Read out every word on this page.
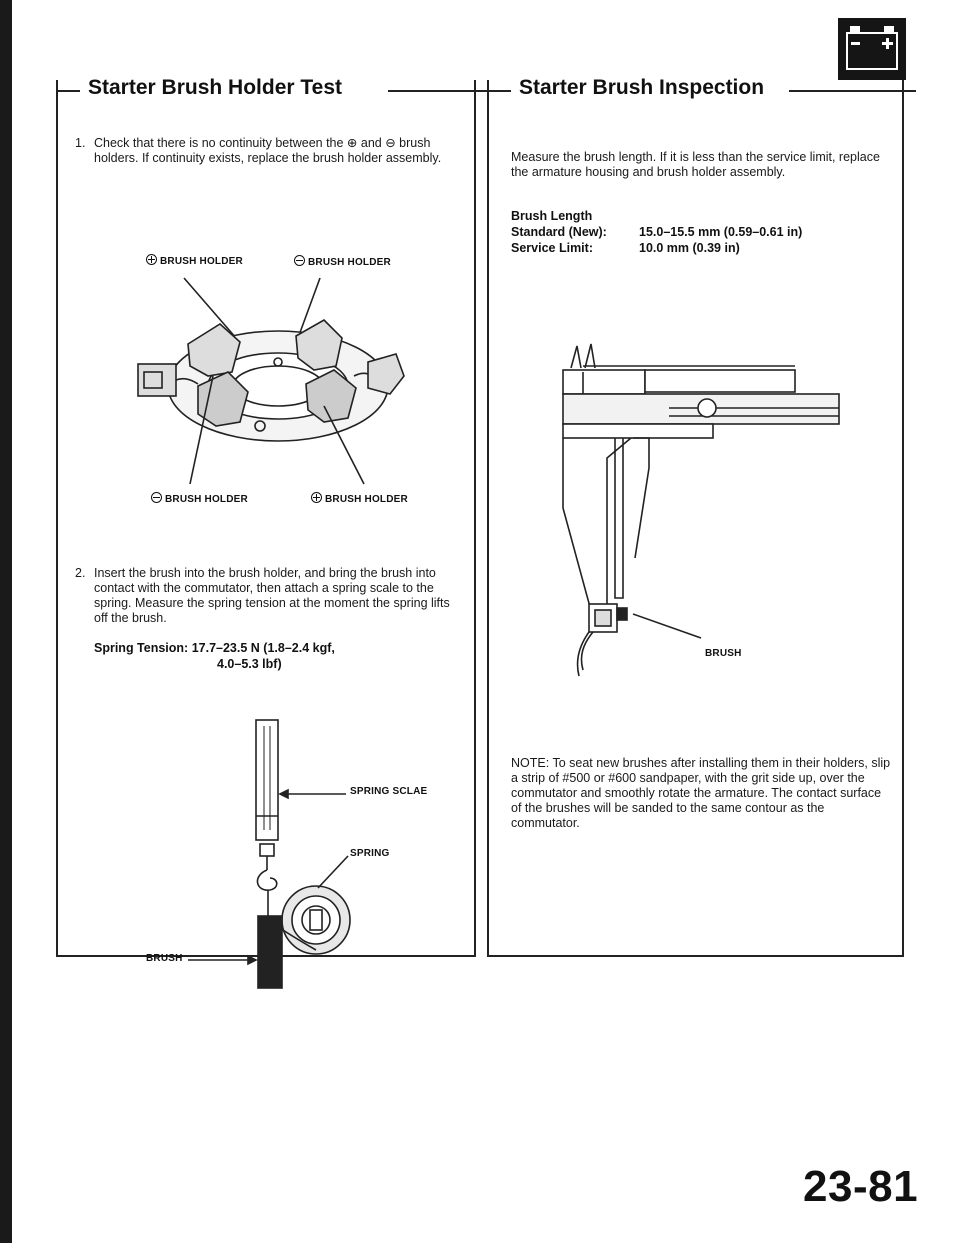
Starter Brush Holder Test
1. Check that there is no continuity between the ⊕ and ⊖ brush holders. If continuity exists, replace the brush holder assembly.
BRUSH HOLDER	BRUSH HOLDER
BRUSH HOLDER	BRUSH HOLDER
2. Insert the brush into the brush holder, and bring the brush into contact with the commutator, then attach a spring scale to the spring. Measure the spring tension at the moment the spring lifts off the brush.
Spring Tension: 17.7–23.5 N (1.8–2.4 kgf,
4.0–5.3 lbf)
SPRING SCLAE
SPRING
BRUSH
Starter Brush Inspection
Measure the brush length. If it is less than the service limit, replace the armature housing and brush holder assembly.
Brush Length
Standard (New):	15.0–15.5 mm (0.59–0.61 in)
Service Limit:	10.0 mm (0.39 in)
BRUSH
NOTE: To seat new brushes after installing them in their holders, slip a strip of #500 or #600 sandpaper, with the grit side up, over the commutator and smoothly rotate the armature. The contact surface of the brushes will be sanded to the same contour as the commutator.
23-81
